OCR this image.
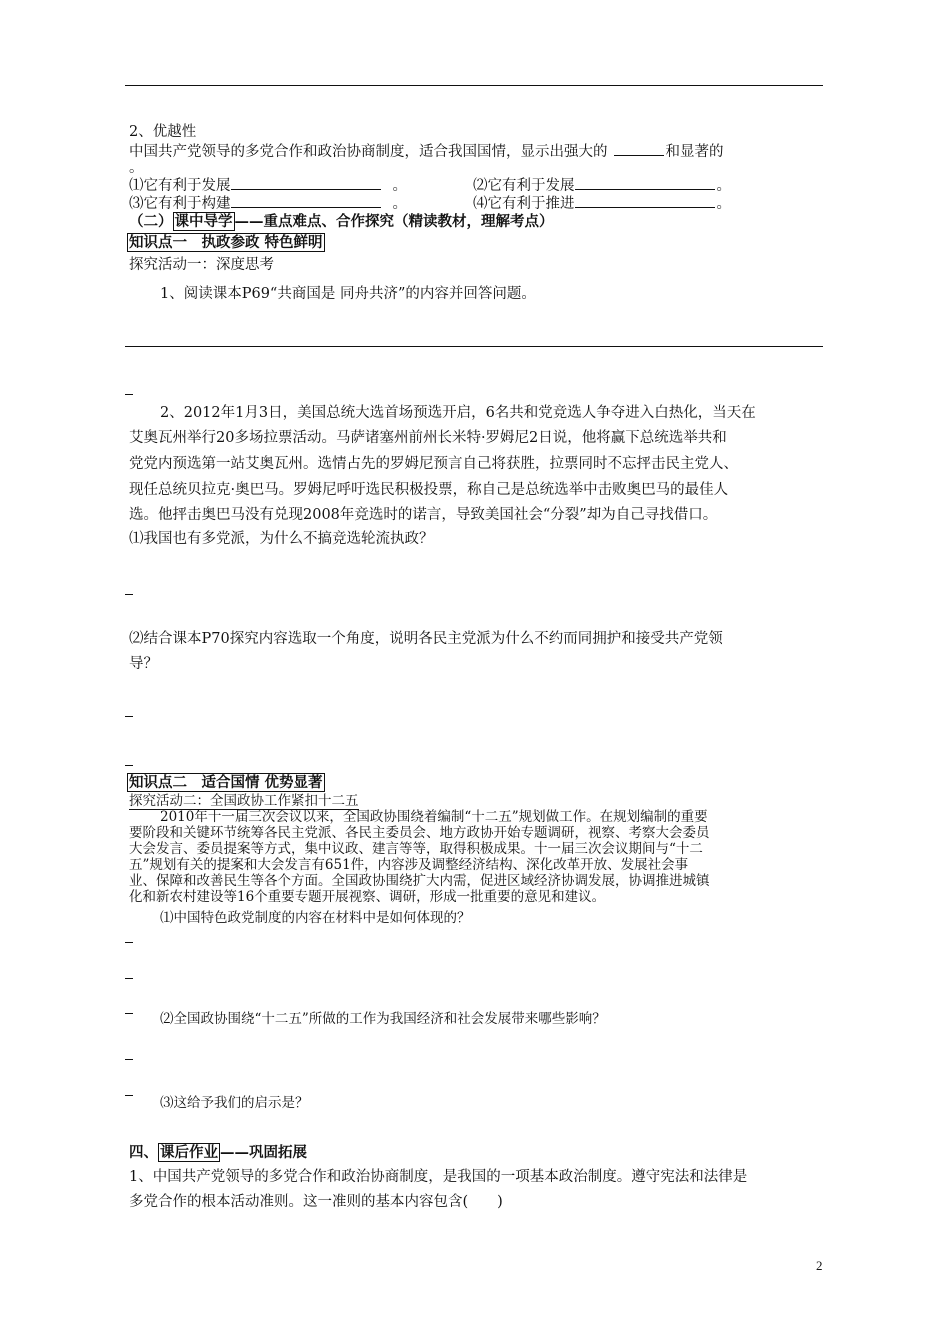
2、优越性
中国共产党领导的多党合作和政治协商制度，适合我国国情，显示出强大的	和显著的
。
⑴它有利于发展	。	⑵它有利于发展	。
⑶它有利于构建	。	⑷它有利于推进	。
（二） 课中导学 ——重点难点、合作探究（精读教材，理解考点）
知识点一　执政参政 特色鲜明
探究活动一：深度思考
1、阅读课本P69“共商国是 同舟共济”的内容并回答问题。
2、2012年1月3日，美国总统大选首场预选开启，6名共和党竞选人争夺进入白热化，当天在
艾奥瓦州举行20多场拉票活动。马萨诸塞州前州长米特·罗姆尼2日说，他将赢下总统选举共和
党党内预选第一站艾奥瓦州。选情占先的罗姆尼预言自己将获胜，拉票同时不忘抨击民主党人、
现任总统贝拉克·奥巴马。罗姆尼呼吁选民积极投票，称自己是总统选举中击败奥巴马的最佳人
选。他抨击奥巴马没有兑现2008年竞选时的诺言，导致美国社会“分裂”却为自己寻找借口。
⑴我国也有多党派，为什么不搞竞选轮流执政？
⑵结合课本P70探究内容选取一个角度，说明各民主党派为什么不约而同拥护和接受共产党领
导？
知识点二　适合国情 优势显著
探究活动二：全国政协工作紧扣十二五
2010年十一届三次会议以来，全国政协围绕着编制“十二五”规划做工作。在规划编制的重要
要阶段和关键环节统筹各民主党派、各民主委员会、地方政协开始专题调研，视察、考察大会委员
大会发言、委员提案等方式，集中议政、建言等等，取得积极成果。十一届三次会议期间与“十二
五”规划有关的提案和大会发言有651件，内容涉及调整经济结构、深化改革开放、发展社会事
业、保障和改善民生等各个方面。全国政协围绕扩大内需，促进区域经济协调发展，协调推进城镇
化和新农村建设等16个重要专题开展视察、调研，形成一批重要的意见和建议。
⑴中国特色政党制度的内容在材料中是如何体现的？
⑵全国政协围绕“十二五”所做的工作为我国经济和社会发展带来哪些影响？
⑶这给予我们的启示是？
四、 课后作业 ——巩固拓展
1、中国共产党领导的多党合作和政治协商制度，是我国的一项基本政治制度。遵守宪法和法律是
多党合作的根本活动准则。这一准则的基本内容包含(　　)
2
